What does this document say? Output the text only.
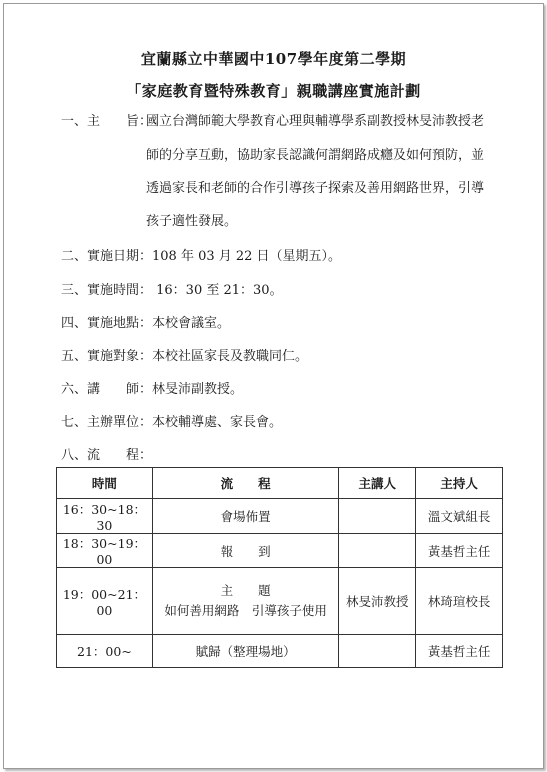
宜蘭縣立中華國中107學年度第二學期
「家庭教育暨特殊教育」親職講座實施計劃
一、主　　旨：
國立台灣師範大學教育心理與輔導學系副教授林旻沛教授老
師的分享互動，協助家長認識何謂網路成癮及如何預防，並
透過家長和老師的合作引導孩子探索及善用網路世界，引導
孩子適性發展。
二、實施日期：108 年 03 月 22 日（星期五）。
三、實施時間： 16：30 至 21：30。
四、實施地點：本校會議室。
五、實施對象：本校社區家長及教職同仁。
六、講　　師：林旻沛副教授。
七、主辦單位：本校輔導處、家長會。
八、流　　程：
時間	流　　程	主講人	主持人
16：30~18：30	會場佈置		溫文斌組長
18：30~19：00	報　　到		黃基哲主任
19：00~21：00	主　　題
如何善用網路　引導孩子使用	林旻沛教授	林琦瑄校長
21：00~	賦歸（整理場地）		黃基哲主任
